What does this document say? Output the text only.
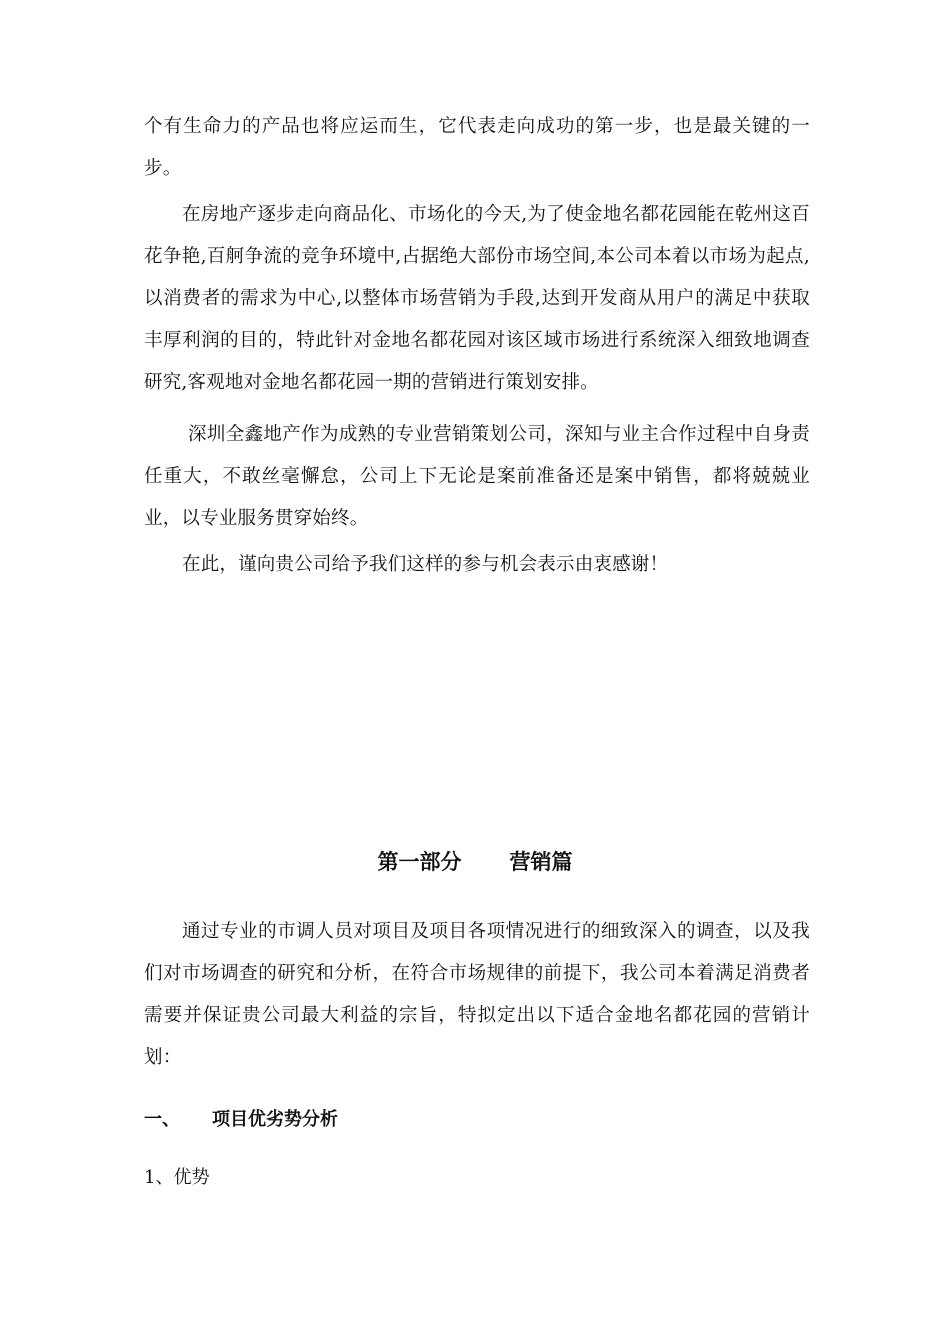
个有生命力的产品也将应运而生，它代表走向成功的第一步，也是最关键的一步。

在房地产逐步走向商品化、市场化的今天,为了使金地名都花园能在乾州这百花争艳,百舸争流的竞争环境中,占据绝大部份市场空间,本公司本着以市场为起点,以消费者的需求为中心,以整体市场营销为手段,达到开发商从用户的满足中获取丰厚利润的目的，特此针对金地名都花园对该区域市场进行系统深入细致地调查研究,客观地对金地名都花园一期的营销进行策划安排。

深圳全鑫地产作为成熟的专业营销策划公司，深知与业主合作过程中自身责任重大，不敢丝毫懈怠，公司上下无论是案前准备还是案中销售，都将兢兢业业，以专业服务贯穿始终。

在此，谨向贵公司给予我们这样的参与机会表示由衷感谢！

第一部分 营销篇

通过专业的市调人员对项目及项目各项情况进行的细致深入的调查，以及我们对市场调查的研究和分析，在符合市场规律的前提下，我公司本着满足消费者需要并保证贵公司最大利益的宗旨，特拟定出以下适合金地名都花园的营销计划：

一、 项目优劣势分析
1、优势
